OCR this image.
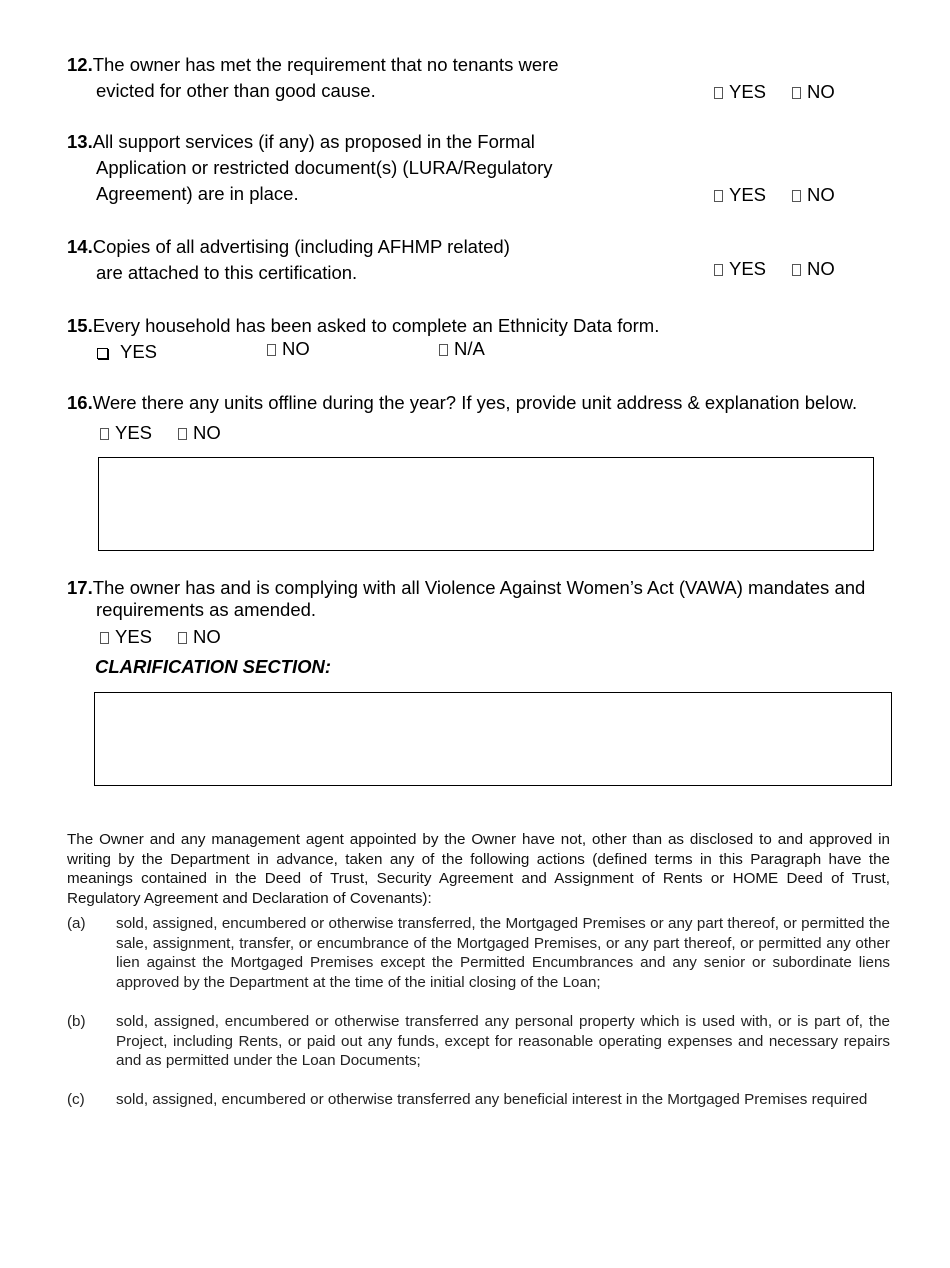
12.The owner has met the requirement that no tenants were
evicted for other than good cause.	YES	NO
13.All support services (if any) as proposed in the Formal
Application or restricted document(s) (LURA/Regulatory
Agreement) are in place.	YES	NO
14.Copies of all advertising (including AFHMP related)
are attached to this certification.	YES	NO
15.Every household has been asked to complete an Ethnicity Data form.
YES	NO	N/A
16.Were there any units offline during the year? If yes, provide unit address & explanation below.
YES	NO
17.The owner has and is complying with all Violence Against Women’s Act (VAWA) mandates and
requirements as amended.
YES	NO
CLARIFICATION SECTION:
The Owner and any management agent appointed by the Owner have not, other than as disclosed to and approved in writing by the Department in advance, taken any of the following actions (defined terms in this Paragraph have the meanings contained in the Deed of Trust, Security Agreement and Assignment of Rents or HOME Deed of Trust, Regulatory Agreement and Declaration of Covenants):
(a) sold, assigned, encumbered or otherwise transferred, the Mortgaged Premises or any part thereof, or permitted the sale, assignment, transfer, or encumbrance of the Mortgaged Premises, or any part thereof, or permitted any other lien against the Mortgaged Premises except the Permitted Encumbrances and any senior or subordinate liens approved by the Department at the time of the initial closing of the Loan;
(b) sold, assigned, encumbered or otherwise transferred any personal property which is used with, or is part of, the Project, including Rents, or paid out any funds, except for reasonable operating expenses and necessary repairs and as permitted under the Loan Documents;
(c) sold, assigned, encumbered or otherwise transferred any beneficial interest in the Mortgaged Premises required
